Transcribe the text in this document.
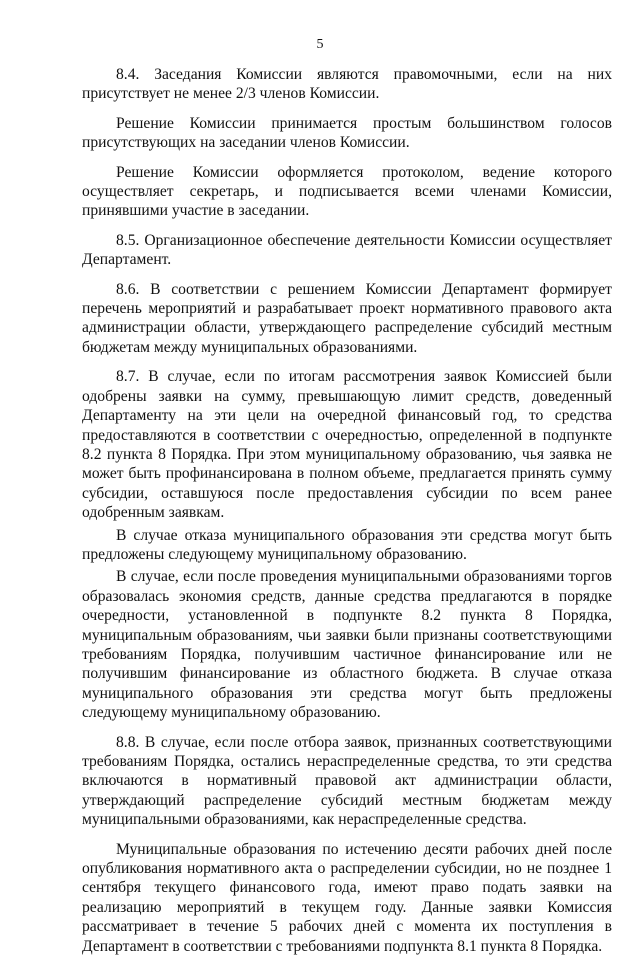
5

8.4. Заседания Комиссии являются правомочными, если на них присутствует не менее 2/3 членов Комиссии.

Решение Комиссии принимается простым большинством голосов присутствующих на заседании членов Комиссии.

Решение Комиссии оформляется протоколом, ведение которого осуществляет секретарь, и подписывается всеми членами Комиссии, принявшими участие в заседании.

8.5. Организационное обеспечение деятельности Комиссии осуществляет Департамент.

8.6. В соответствии с решением Комиссии Департамент формирует перечень мероприятий и разрабатывает проект нормативного правового акта администрации области, утверждающего распределение субсидий местным бюджетам между муниципальных образованиями.

8.7. В случае, если по итогам рассмотрения заявок Комиссией были одобрены заявки на сумму, превышающую лимит средств, доведенный Департаменту на эти цели на очередной финансовый год, то средства предоставляются в соответствии с очередностью, определенной в подпункте 8.2 пункта 8 Порядка. При этом муниципальному образованию, чья заявка не может быть профинансирована в полном объеме, предлагается принять сумму субсидии, оставшуюся после предоставления субсидии по всем ранее одобренным заявкам.

В случае отказа муниципального образования эти средства могут быть предложены следующему муниципальному образованию.

В случае, если после проведения муниципальными образованиями торгов образовалась экономия средств, данные средства предлагаются в порядке очередности, установленной в подпункте 8.2 пункта 8 Порядка, муниципальным образованиям, чьи заявки были признаны соответствующими требованиям Порядка, получившим частичное финансирование или не получившим финансирование из областного бюджета. В случае отказа муниципального образования эти средства могут быть предложены следующему муниципальному образованию.

8.8. В случае, если после отбора заявок, признанных соответствующими требованиям Порядка, остались нераспределенные средства, то эти средства включаются в нормативный правовой акт администрации области, утверждающий распределение субсидий местным бюджетам между муниципальными образованиями, как нераспределенные средства.

Муниципальные образования по истечению десяти рабочих дней после опубликования нормативного акта о распределении субсидии, но не позднее 1 сентября текущего финансового года, имеют право подать заявки на реализацию мероприятий в текущем году. Данные заявки Комиссия рассматривает в течение 5 рабочих дней с момента их поступления в Департамент в соответствии с требованиями подпункта 8.1 пункта 8 Порядка.
